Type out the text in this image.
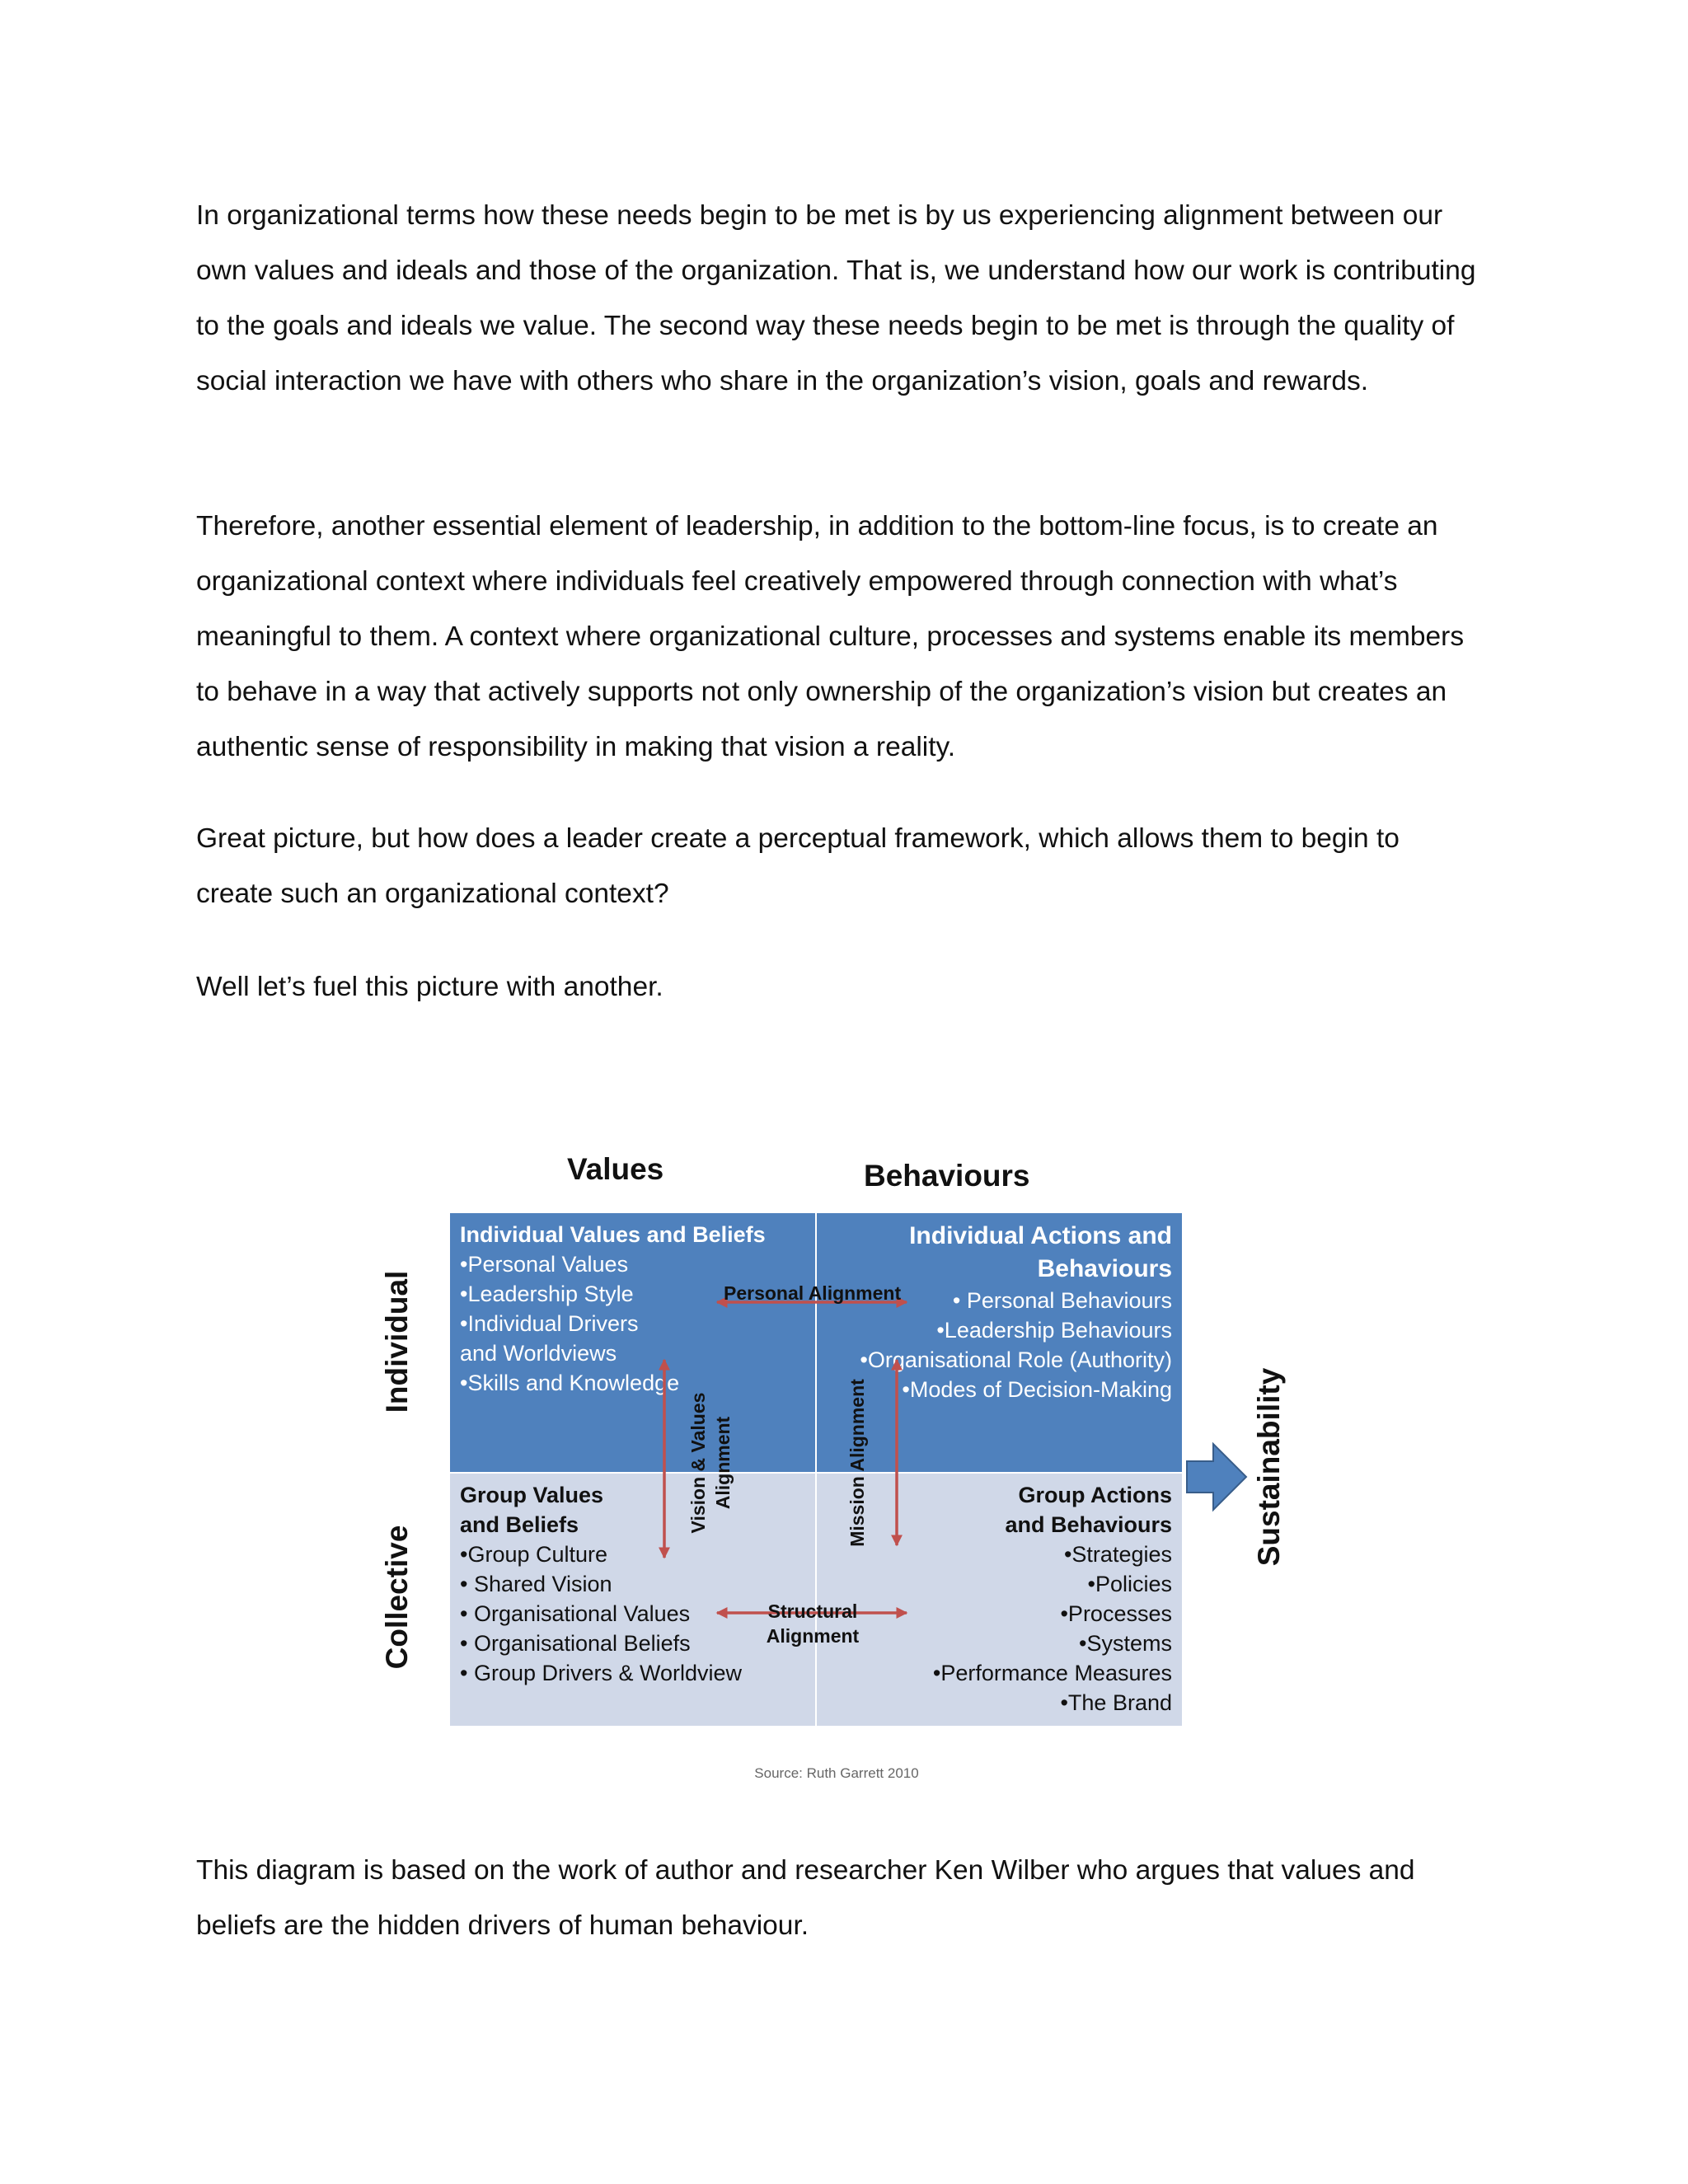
In organizational terms how these needs begin to be met is by us experiencing alignment between our own values and ideals and those of the organization. That is, we understand how our work is contributing to the goals and ideals we value. The second way these needs begin to be met is through the quality of social interaction we have with others who share in the organization’s vision, goals and rewards.

Therefore, another essential element of leadership, in addition to the bottom-line focus, is to create an organizational context where individuals feel creatively empowered through connection with what’s meaningful to them. A context where organizational culture, processes and systems enable its members to behave in a way that actively supports not only ownership of the organization’s vision but creates an authentic sense of responsibility in making that vision a reality.

Great picture, but how does a leader create a perceptual framework, which allows them to begin to create such an organizational context?

Well let’s fuel this picture with another.

Values	Behaviours
Individual
Collective
Individual Values and Beliefs
•Personal Values
•Leadership Style
•Individual Drivers and Worldviews
•Skills and Knowledge
Individual Actions and Behaviours
• Personal Behaviours
•Leadership Behaviours
•Organisational Role (Authority)
•Modes of Decision-Making
Group Values and Beliefs
•Group Culture
• Shared Vision
• Organisational Values
• Organisational Beliefs
• Group Drivers & Worldview
Group Actions and Behaviours
•Strategies
•Policies
•Processes
•Systems
•Performance Measures
•The Brand
Personal Alignment
Structural Alignment
Vision & Values Alignment	Mission Alignment	Sustainability
Source: Ruth Garrett 2010

This diagram is based on the work of author and researcher Ken Wilber who argues that values and beliefs are the hidden drivers of human behaviour.
